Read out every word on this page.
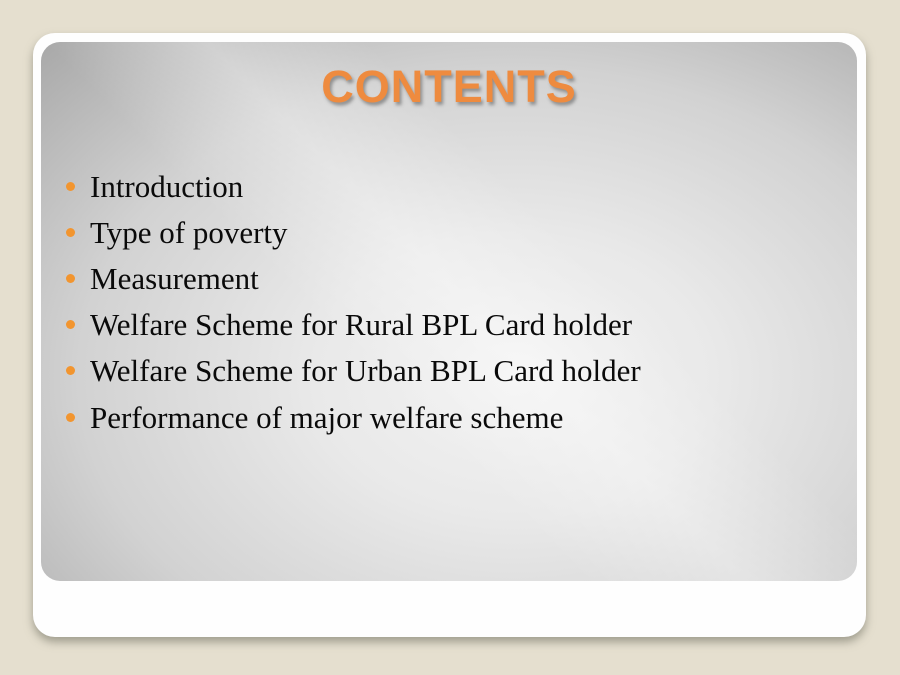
CONTENTS
Introduction
Type of poverty
Measurement
Welfare Scheme for Rural BPL Card holder
Welfare Scheme for Urban BPL Card holder
Performance of major welfare scheme
